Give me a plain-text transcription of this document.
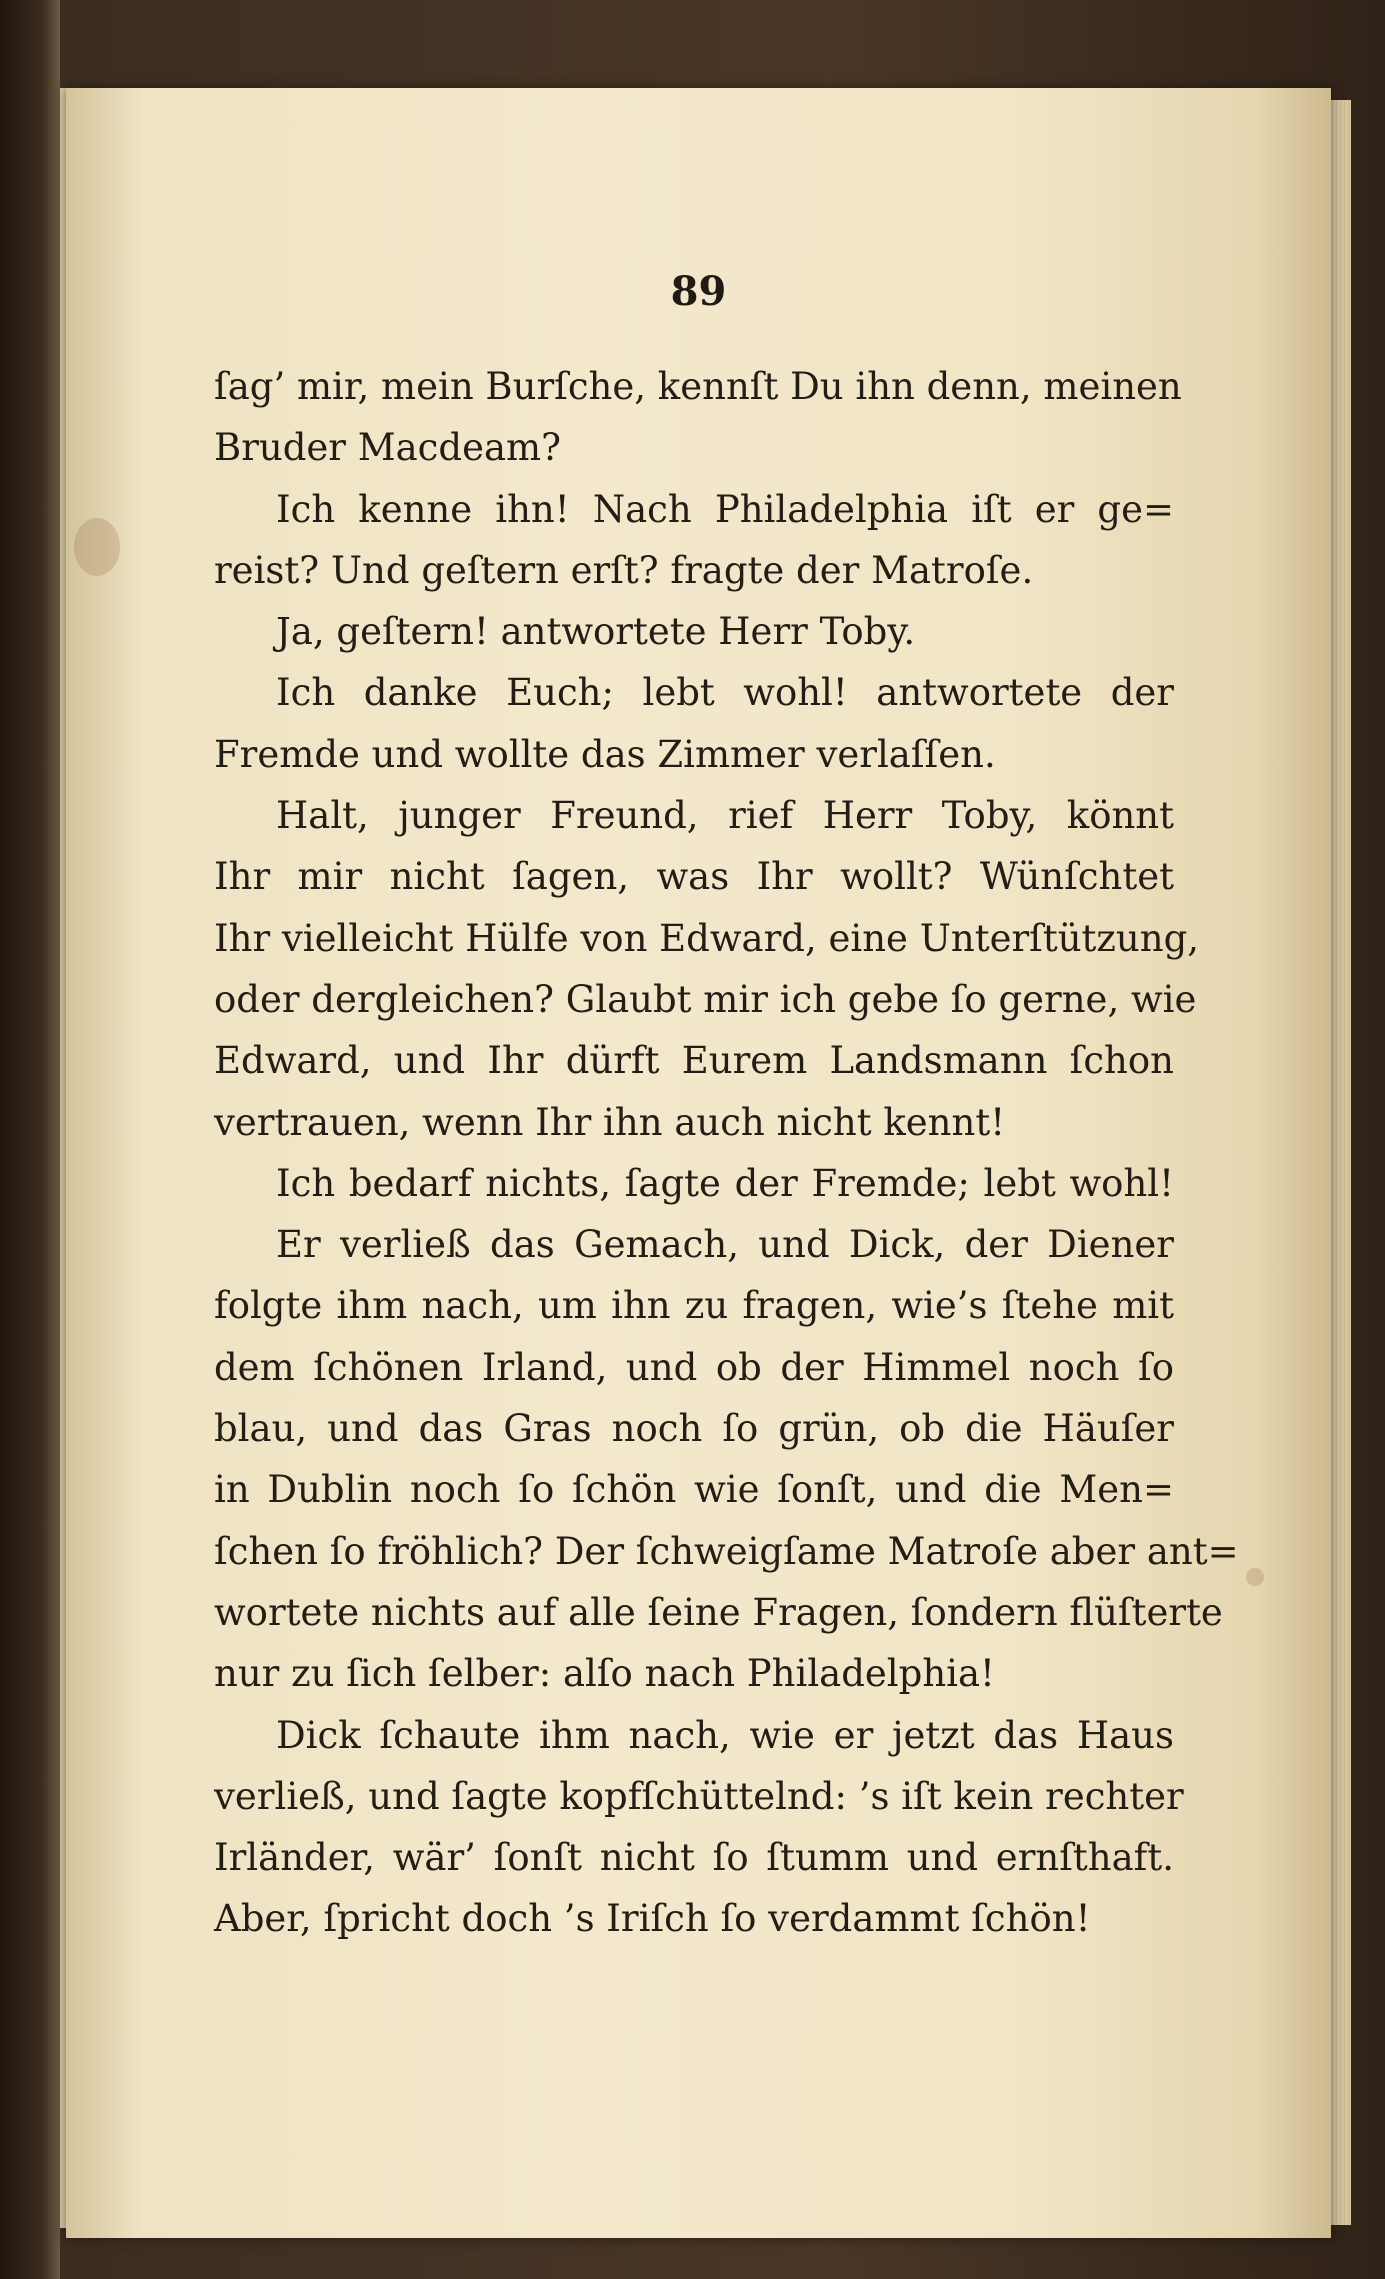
89
ſag’ mir, mein Burſche, kennſt Du ihn denn, meinen
Bruder Macdeam?
Ich kenne ihn! Nach Philadelphia iſt er ge=
reist? Und geſtern erſt? fragte der Matroſe.
Ja, geſtern! antwortete Herr Toby.
Ich danke Euch; lebt wohl! antwortete der
Fremde und wollte das Zimmer verlaſſen.
Halt, junger Freund, rief Herr Toby, könnt
Ihr mir nicht ſagen, was Ihr wollt? Wünſchtet
Ihr vielleicht Hülfe von Edward, eine Unterſtützung,
oder dergleichen? Glaubt mir ich gebe ſo gerne, wie
Edward, und Ihr dürft Eurem Landsmann ſchon
vertrauen, wenn Ihr ihn auch nicht kennt!
Ich bedarf nichts, ſagte der Fremde; lebt wohl!
Er verließ das Gemach, und Dick, der Diener
folgte ihm nach, um ihn zu fragen, wie’s ſtehe mit
dem ſchönen Irland, und ob der Himmel noch ſo
blau, und das Gras noch ſo grün, ob die Häuſer
in Dublin noch ſo ſchön wie ſonſt, und die Men=
ſchen ſo fröhlich? Der ſchweigſame Matroſe aber ant=
wortete nichts auf alle ſeine Fragen, ſondern flüſterte
nur zu ſich ſelber: alſo nach Philadelphia!
Dick ſchaute ihm nach, wie er jetzt das Haus
verließ, und ſagte kopfſchüttelnd: ’s iſt kein rechter
Irländer, wär’ ſonſt nicht ſo ſtumm und ernſthaft.
Aber, ſpricht doch ’s Iriſch ſo verdammt ſchön!
